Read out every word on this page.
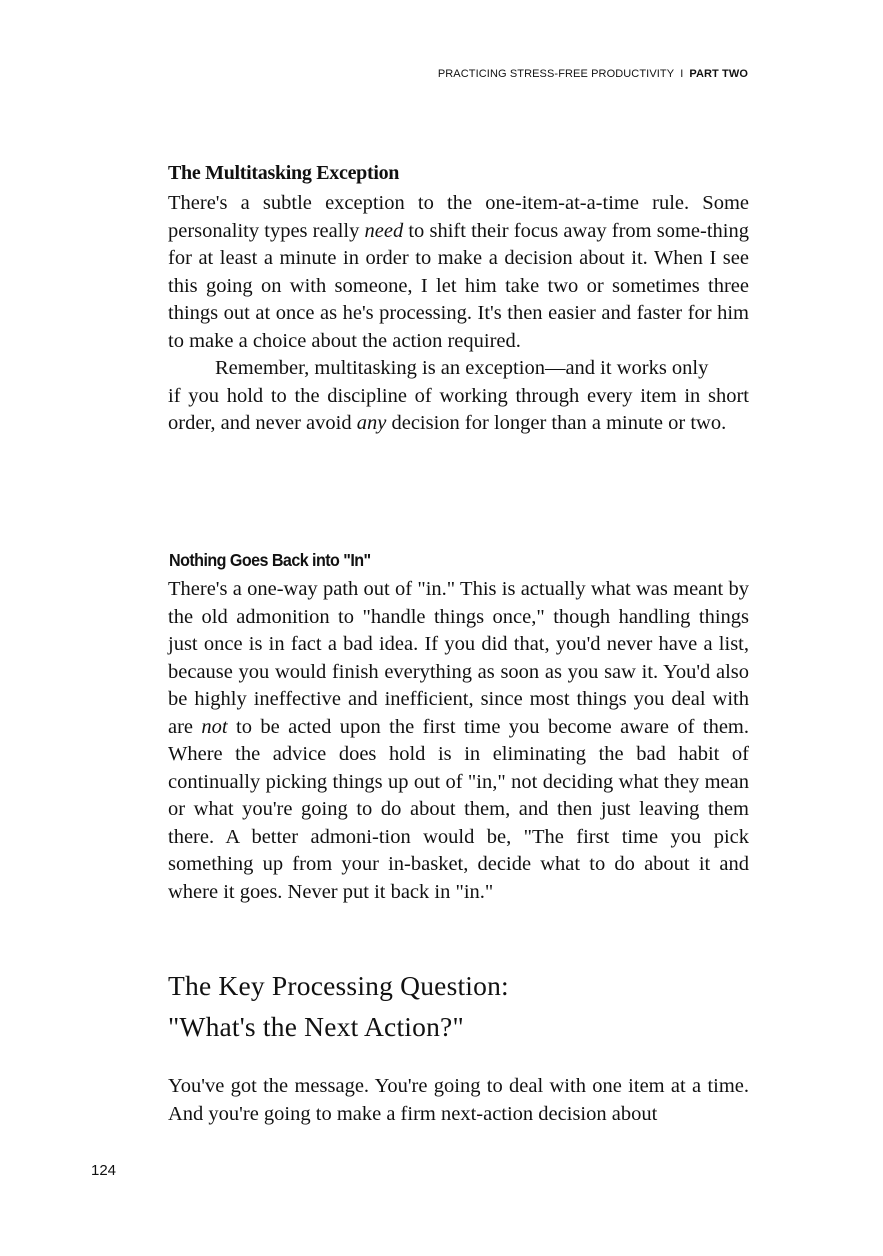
PRACTICING STRESS-FREE PRODUCTIVITY I PART TWO
The Multitasking Exception

There's a subtle exception to the one-item-at-a-time rule. Some personality types really need to shift their focus away from some-thing for at least a minute in order to make a decision about it. When I see this going on with someone, I let him take two or sometimes three things out at once as he's processing. It's then easier and faster for him to make a choice about the action required.

Remember, multitasking is an exception—and it works only

if you hold to the discipline of working through every item in short order, and never avoid any decision for longer than a minute or two.

Nothing Goes Back into "In"

There's a one-way path out of "in." This is actually what was meant by the old admonition to "handle things once," though handling things just once is in fact a bad idea. If you did that, you'd never have a list, because you would finish everything as soon as you saw it. You'd also be highly ineffective and inefficient, since most things you deal with are not to be acted upon the first time you become aware of them. Where the advice does hold is in eliminating the bad habit of continually picking things up out of "in," not deciding what they mean or what you're going to do about them, and then just leaving them there. A better admoni-tion would be, "The first time you pick something up from your in-basket, decide what to do about it and where it goes. Never put it back in "in."

The Key Processing Question:
"What's the Next Action?"

You've got the message. You're going to deal with one item at a time. And you're going to make a firm next-action decision about

124
